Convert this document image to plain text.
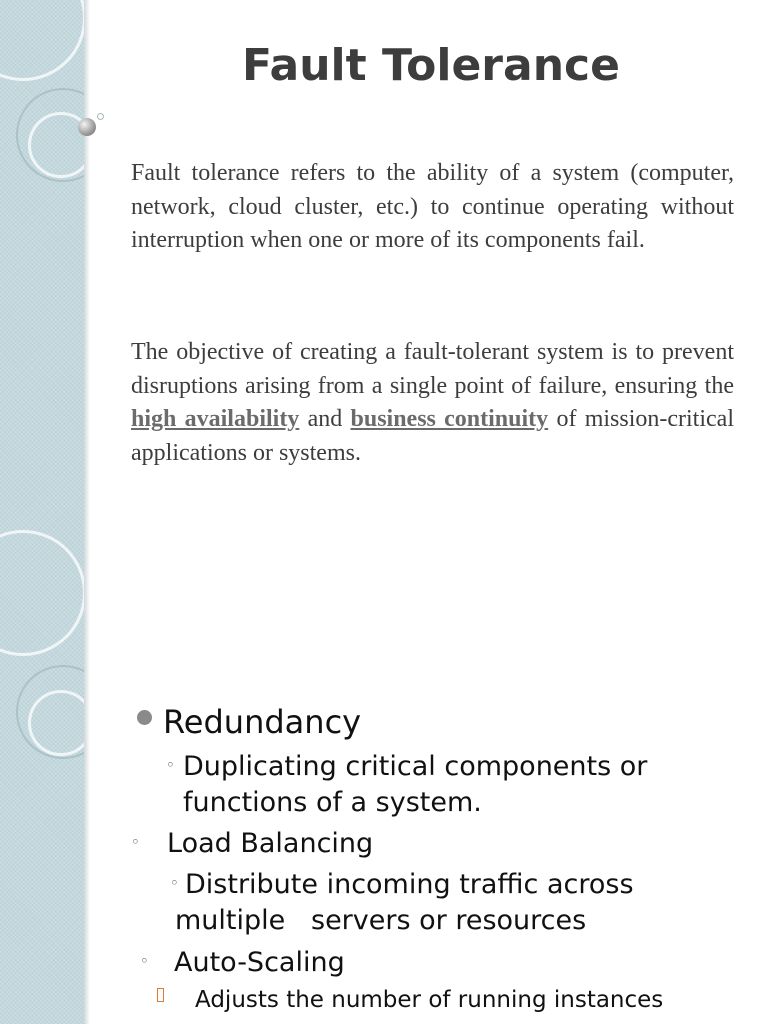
Fault Tolerance

Fault tolerance refers to the ability of a system (computer, network, cloud cluster, etc.) to continue operating without interruption when one or more of its components fail.

The objective of creating a fault-tolerant system is to prevent disruptions arising from a single point of failure, ensuring the high availability and business continuity of mission-critical applications or systems.

Redundancy

◦ Duplicating critical components or

functions of a system.

◦ Load Balancing

◦ Distribute incoming traffic across

multiple   servers or resources

◦ Auto-Scaling

Adjusts the number of running instances
